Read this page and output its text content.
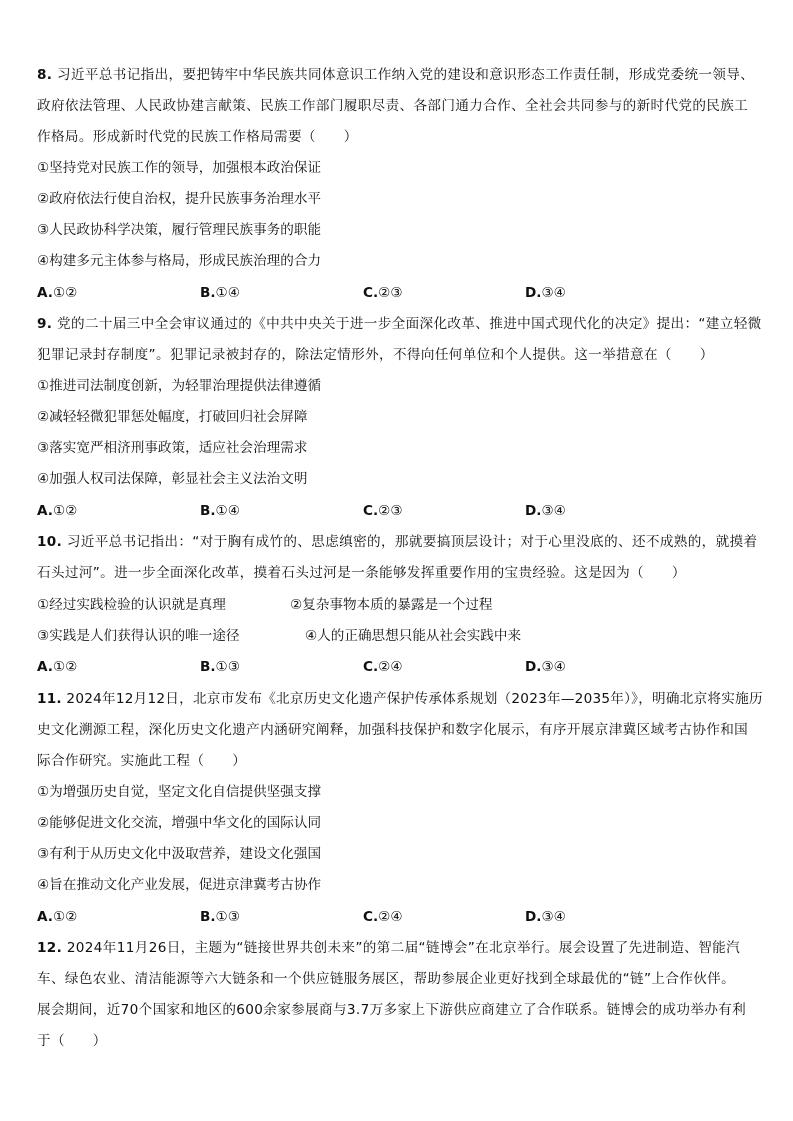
8. 习近平总书记指出，要把铸牢中华民族共同体意识工作纳入党的建设和意识形态工作责任制，形成党委统一领导、
政府依法管理、人民政协建言献策、民族工作部门履职尽责、各部门通力合作、全社会共同参与的新时代党的民族工
作格局。形成新时代党的民族工作格局需要（　　）
①坚持党对民族工作的领导，加强根本政治保证
②政府依法行使自治权，提升民族事务治理水平
③人民政协科学决策，履行管理民族事务的职能
④构建多元主体参与格局，形成民族治理的合力
A.①②	B.①④	C.②③	D.③④
9. 党的二十届三中全会审议通过的《中共中央关于进一步全面深化改革、推进中国式现代化的决定》提出：“建立轻微
犯罪记录封存制度”。犯罪记录被封存的，除法定情形外，不得向任何单位和个人提供。这一举措意在（　　）
①推进司法制度创新，为轻罪治理提供法律遵循
②减轻轻微犯罪惩处幅度，打破回归社会屏障
③落实宽严相济刑事政策，适应社会治理需求
④加强人权司法保障，彰显社会主义法治文明
A.①②	B.①④	C.②③	D.③④
10. 习近平总书记指出：“对于胸有成竹的、思虑缜密的，那就要搞顶层设计；对于心里没底的、还不成熟的，就摸着
石头过河”。进一步全面深化改革，摸着石头过河是一条能够发挥重要作用的宝贵经验。这是因为（　　）
①经过实践检验的认识就是真理	②复杂事物本质的暴露是一个过程
③实践是人们获得认识的唯一途径	④人的正确思想只能从社会实践中来
A.①②	B.①③	C.②④	D.③④
11. 2024年12月12日，北京市发布《北京历史文化遗产保护传承体系规划（2023年—2035年）》，明确北京将实施历
史文化溯源工程，深化历史文化遗产内涵研究阐释，加强科技保护和数字化展示，有序开展京津冀区域考古协作和国
际合作研究。实施此工程（　　）
①为增强历史自觉，坚定文化自信提供坚强支撑
②能够促进文化交流，增强中华文化的国际认同
③有利于从历史文化中汲取营养，建设文化强国
④旨在推动文化产业发展，促进京津冀考古协作
A.①②	B.①③	C.②④	D.③④
12. 2024年11月26日，主题为“链接世界共创未来”的第二届“链博会”在北京举行。展会设置了先进制造、智能汽
车、绿色农业、清洁能源等六大链条和一个供应链服务展区，帮助参展企业更好找到全球最优的“链”上合作伙伴。
展会期间，近70个国家和地区的600余家参展商与3.7万多家上下游供应商建立了合作联系。链博会的成功举办有利
于（　　）
